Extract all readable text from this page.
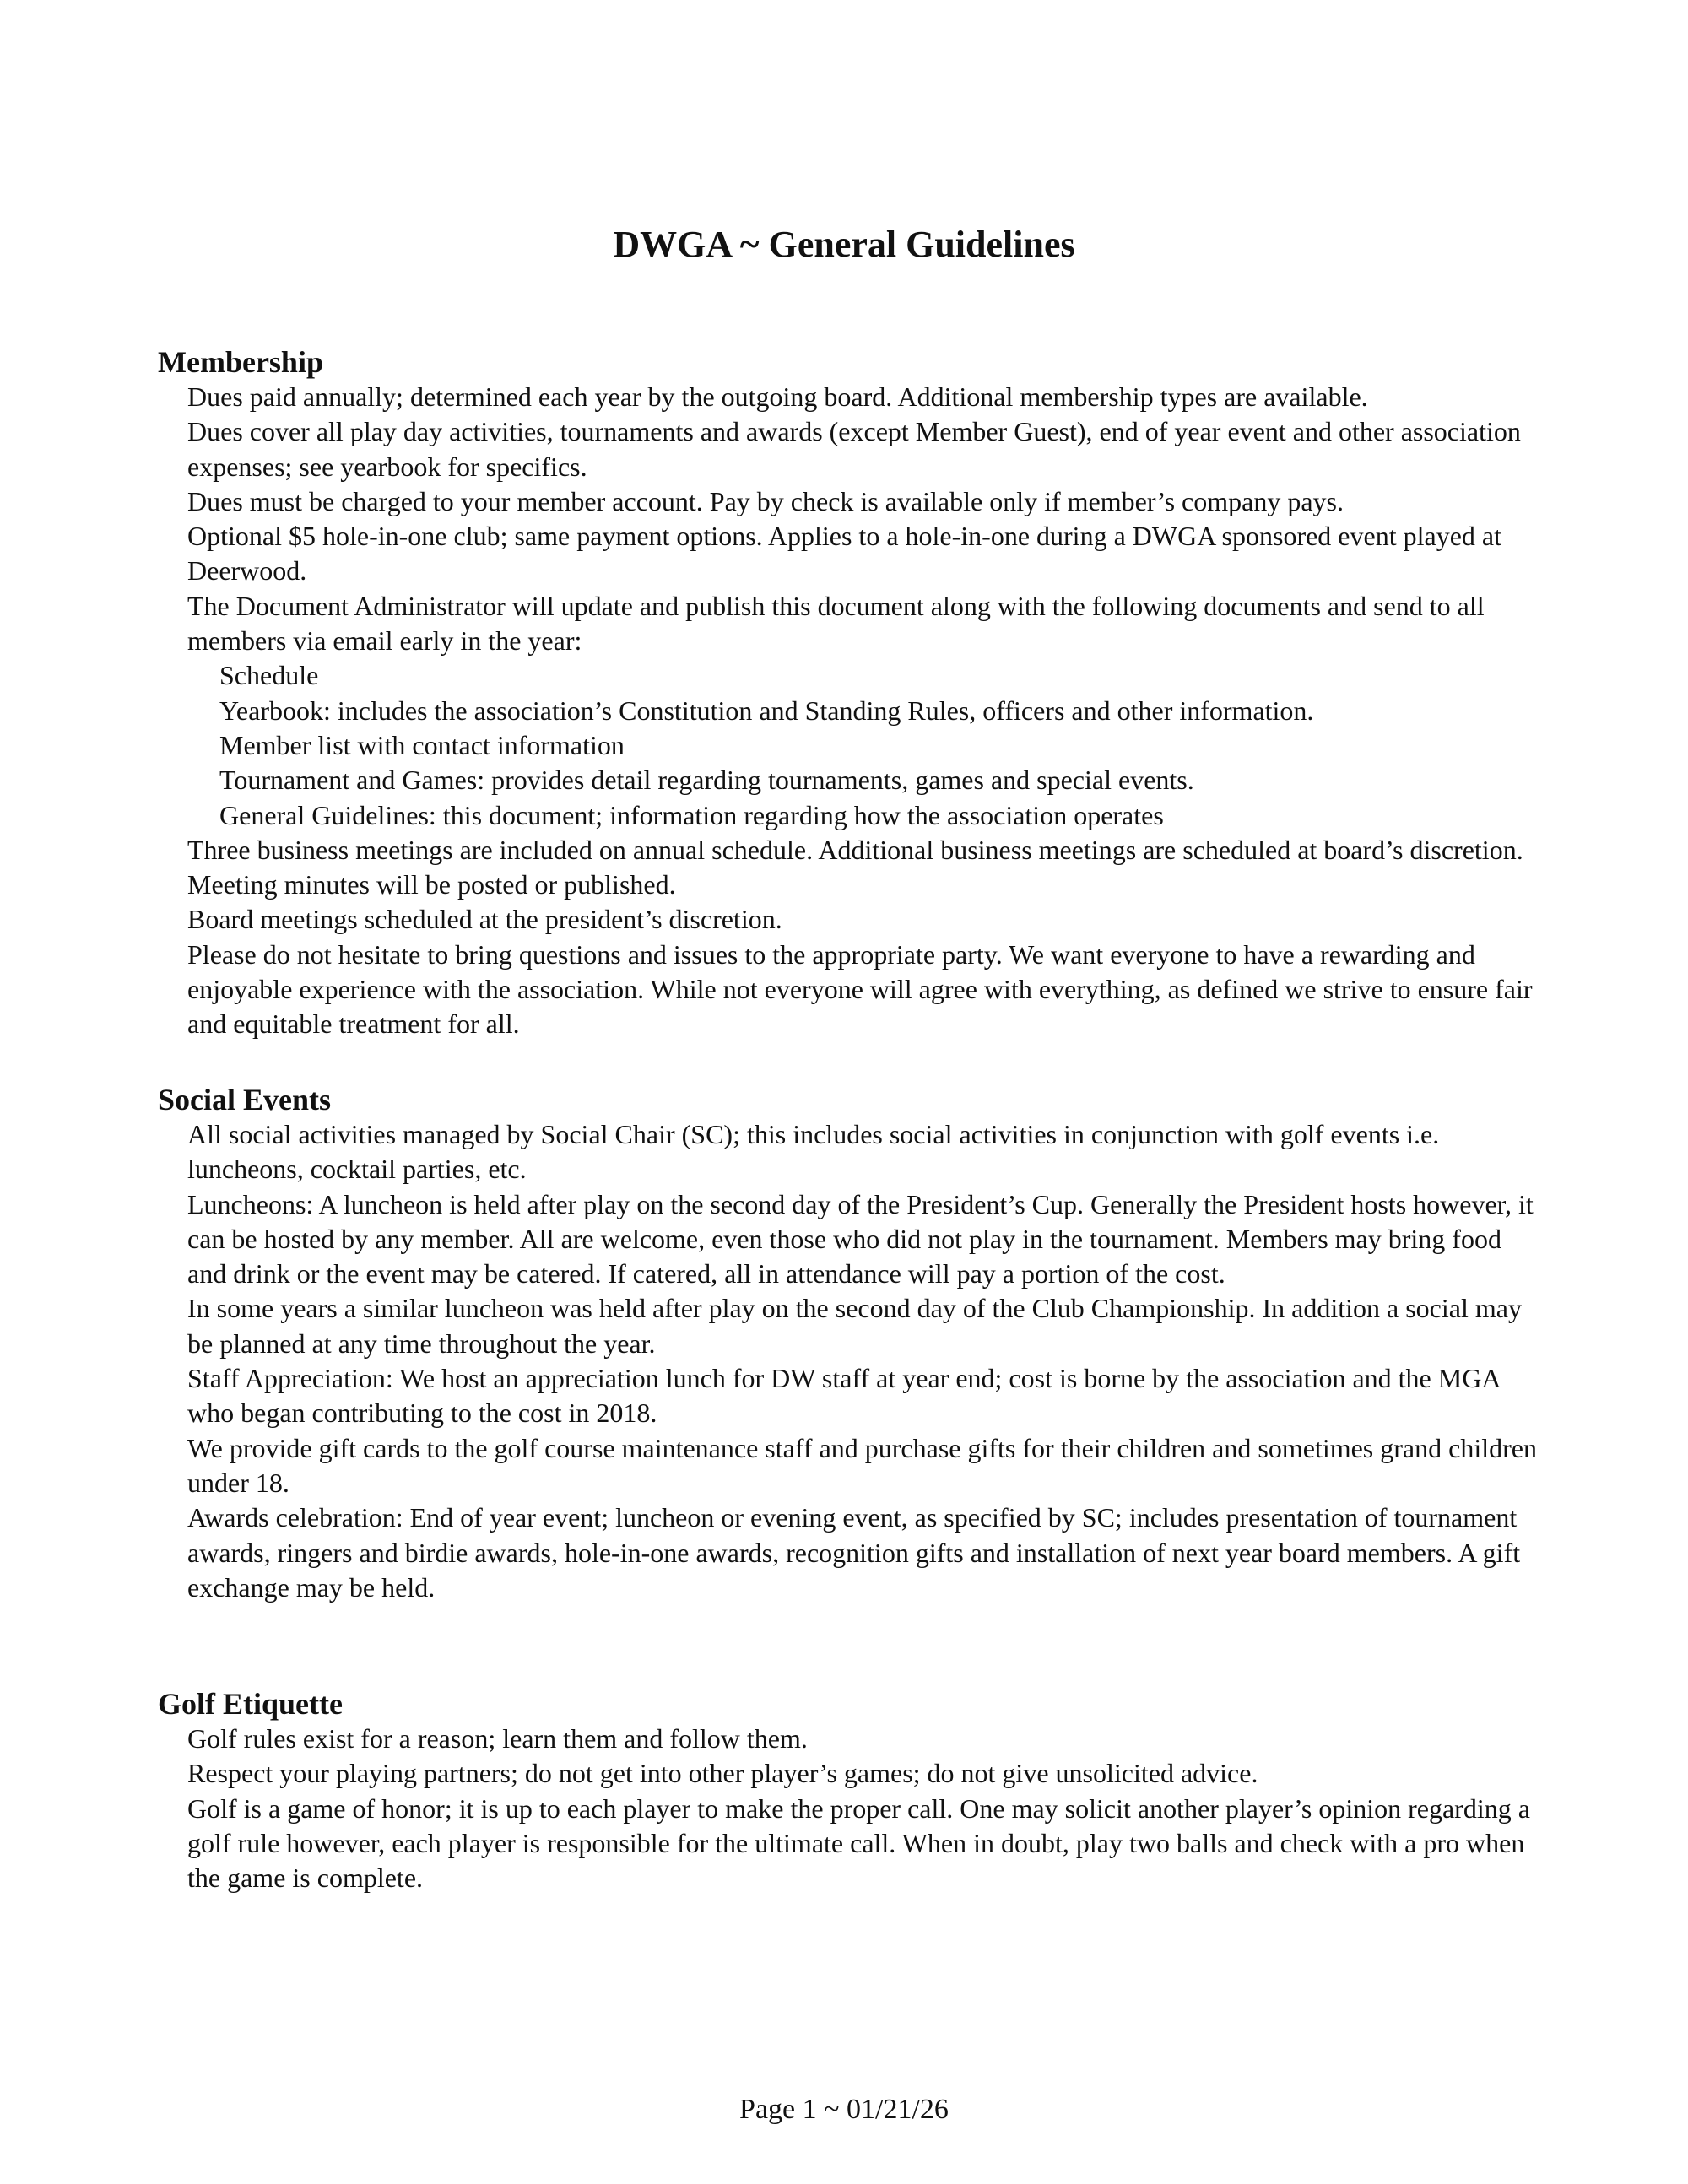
DWGA ~ General Guidelines

Membership

Dues paid annually; determined each year by the outgoing board. Additional membership types are available.

Dues cover all play day activities, tournaments and awards (except Member Guest), end of year event and other association expenses; see yearbook for specifics.

Dues must be charged to your member account. Pay by check is available only if member’s company pays.

Optional $5 hole-in-one club; same payment options. Applies to a hole-in-one during a DWGA sponsored event played at Deerwood.

The Document Administrator will update and publish this document along with the following documents and send to all members via email early in the year:

Schedule

Yearbook: includes the association’s Constitution and Standing Rules, officers and other information.

Member list with contact information

Tournament and Games: provides detail regarding tournaments, games and special events.

General Guidelines: this document; information regarding how the association operates

Three business meetings are included on annual schedule. Additional business meetings are scheduled at board’s discretion. Meeting minutes will be posted or published.

Board meetings scheduled at the president’s discretion.

Please do not hesitate to bring questions and issues to the appropriate party. We want everyone to have a rewarding and enjoyable experience with the association. While not everyone will agree with everything, as defined we strive to ensure fair and equitable treatment for all.

Social Events

All social activities managed by Social Chair (SC); this includes social activities in conjunction with golf events i.e. luncheons, cocktail parties, etc.

Luncheons: A luncheon is held after play on the second day of the President’s Cup. Generally the President hosts however, it can be hosted by any member. All are welcome, even those who did not play in the tournament. Members may bring food and drink or the event may be catered. If catered, all in attendance will pay a portion of the cost.

In some years a similar luncheon was held after play on the second day of the Club Championship. In addition a social may be planned at any time throughout the year.

Staff Appreciation: We host an appreciation lunch for DW staff at year end; cost is borne by the association and the MGA who began contributing to the cost in 2018.

We provide gift cards to the golf course maintenance staff and purchase gifts for their children and sometimes grand children under 18.

Awards celebration: End of year event; luncheon or evening event, as specified by SC; includes presentation of tournament awards, ringers and birdie awards, hole-in-one awards, recognition gifts and installation of next year board members. A gift exchange may be held.

Golf Etiquette

Golf rules exist for a reason; learn them and follow them.

Respect your playing partners; do not get into other player’s games; do not give unsolicited advice.

Golf is a game of honor; it is up to each player to make the proper call. One may solicit another player’s opinion regarding a golf rule however, each player is responsible for the ultimate call. When in doubt, play two balls and check with a pro when the game is complete.

Page 1 ~ 01/21/26
